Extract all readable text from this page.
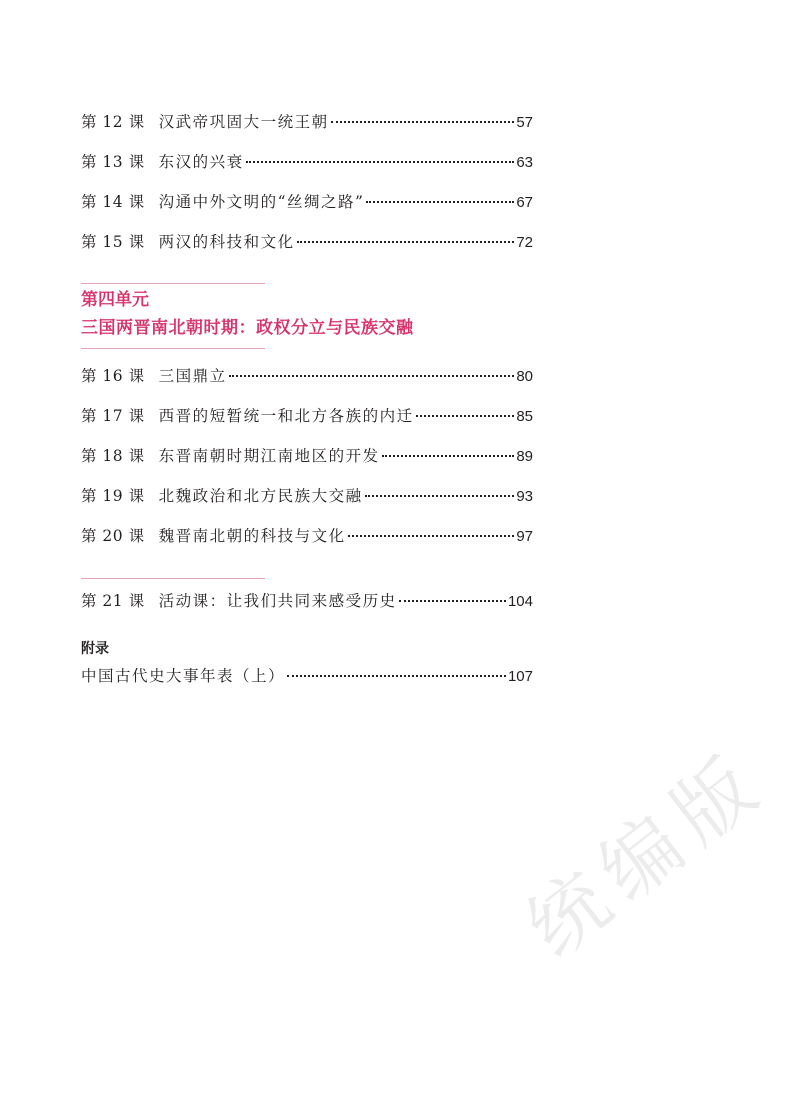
第 12 课 汉武帝巩固大一统王朝	57
第 13 课 东汉的兴衰	63
第 14 课 沟通中外文明的“丝绸之路”	67
第 15 课 两汉的科技和文化	72
第四单元
三国两晋南北朝时期：政权分立与民族交融
第 16 课 三国鼎立	80
第 17 课 西晋的短暂统一和北方各族的内迁	85
第 18 课 东晋南朝时期江南地区的开发	89
第 19 课 北魏政治和北方民族大交融	93
第 20 课 魏晋南北朝的科技与文化	97
第 21 课 活动课：让我们共同来感受历史	104
附录
中国古代史大事年表（上）	107
统编版
